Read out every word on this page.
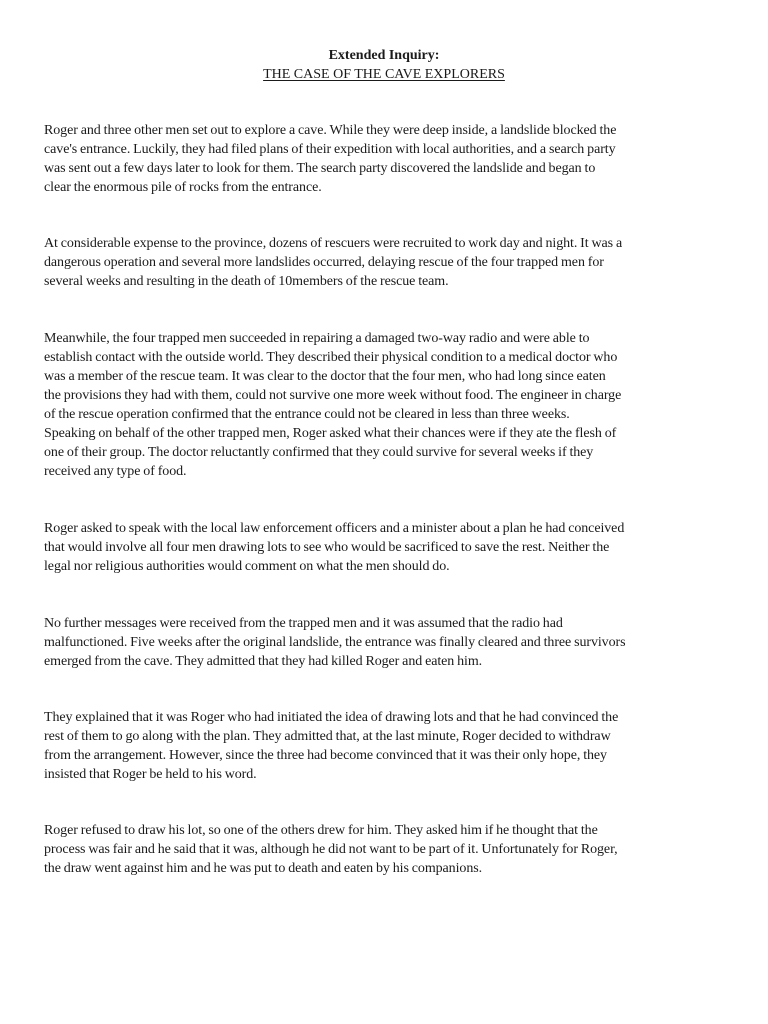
Extended Inquiry:
THE CASE OF THE CAVE EXPLORERS
Roger and three other men set out to explore a cave. While they were deep inside, a landslide blocked the
cave's entrance. Luckily, they had filed plans of their expedition with local authorities, and a search party
was sent out a few days later to look for them. The search party discovered the landslide and began to
clear the enormous pile of rocks from the entrance.
At considerable expense to the province, dozens of rescuers were recruited to work day and night. It was a
dangerous operation and several more landslides occurred, delaying rescue of the four trapped men for
several weeks and resulting in the death of 10members of the rescue team.
Meanwhile, the four trapped men succeeded in repairing a damaged two-way radio and were able to
establish contact with the outside world. They described their physical condition to a medical doctor who
was a member of the rescue team. It was clear to the doctor that the four men, who had long since eaten
the provisions they had with them, could not survive one more week without food. The engineer in charge
of the rescue operation confirmed that the entrance could not be cleared in less than three weeks.
Speaking on behalf of the other trapped men, Roger asked what their chances were if they ate the flesh of
one of their group. The doctor reluctantly confirmed that they could survive for several weeks if they
received any type of food.
Roger asked to speak with the local law enforcement officers and a minister about a plan he had conceived
that would involve all four men drawing lots to see who would be sacrificed to save the rest. Neither the
legal nor religious authorities would comment on what the men should do.
No further messages were received from the trapped men and it was assumed that the radio had
malfunctioned. Five weeks after the original landslide, the entrance was finally cleared and three survivors
emerged from the cave. They admitted that they had killed Roger and eaten him.
They explained that it was Roger who had initiated the idea of drawing lots and that he had convinced the
rest of them to go along with the plan. They admitted that, at the last minute, Roger decided to withdraw
from the arrangement. However, since the three had become convinced that it was their only hope, they
insisted that Roger be held to his word.
Roger refused to draw his lot, so one of the others drew for him. They asked him if he thought that the
process was fair and he said that it was, although he did not want to be part of it. Unfortunately for Roger,
the draw went against him and he was put to death and eaten by his companions.
